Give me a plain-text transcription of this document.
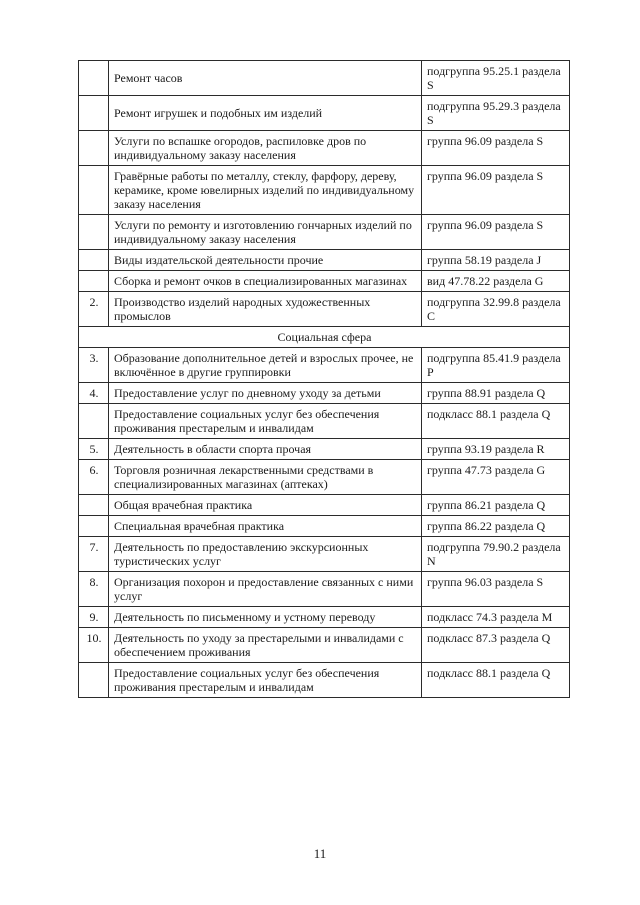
	Ремонт часов	подгруппа 95.25.1 раздела S
	Ремонт игрушек и подобных им изделий	подгруппа 95.29.3 раздела S
	Услуги по вспашке огородов, распиловке дров по индивидуальному заказу населения	группа 96.09 раздела S
	Гравёрные работы по металлу, стеклу, фарфору, дереву, керамике, кроме ювелирных изделий по индивидуальному заказу населения	группа 96.09 раздела S
	Услуги по ремонту и изготовлению гончарных изделий по индивидуальному заказу населения	группа 96.09 раздела S
	Виды издательской деятельности прочие	группа 58.19 раздела J
	Сборка и ремонт очков в специализированных магазинах	вид 47.78.22 раздела G
2.	Производство изделий народных художественных промыслов	подгруппа 32.99.8 раздела C
Социальная сфера		
3.	Образование дополнительное детей и взрослых прочее, не включённое в другие группировки	подгруппа 85.41.9 раздела P
4.	Предоставление услуг по дневному уходу за детьми	группа 88.91 раздела Q
	Предоставление социальных услуг без обеспечения проживания престарелым и инвалидам	подкласс 88.1 раздела Q
5.	Деятельность в области спорта прочая	группа 93.19 раздела R
6.	Торговля розничная лекарственными средствами в специализированных магазинах (аптеках)	группа 47.73 раздела G
	Общая врачебная практика	группа 86.21 раздела Q
	Специальная врачебная практика	группа 86.22 раздела Q
7.	Деятельность по предоставлению экскурсионных туристических услуг	подгруппа 79.90.2 раздела N
8.	Организация похорон и предоставление связанных с ними услуг	группа 96.03 раздела S
9.	Деятельность по письменному и устному переводу	подкласс 74.3 раздела M
10.	Деятельность по уходу за престарелыми и инвалидами с обеспечением проживания	подкласс 87.3 раздела Q
	Предоставление социальных услуг без обеспечения проживания престарелым и инвалидам	подкласс 88.1 раздела Q
11
